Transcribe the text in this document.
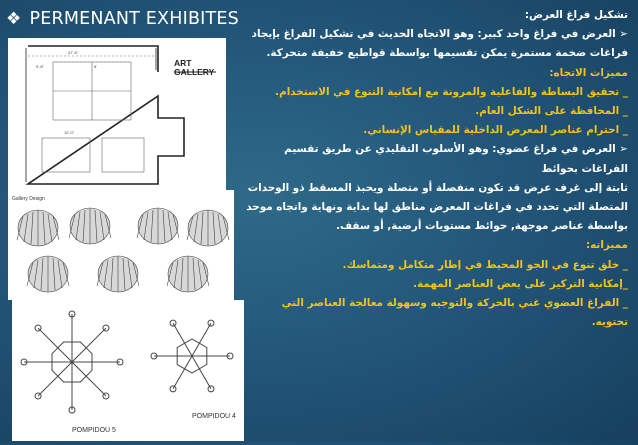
❖ PERMENANT EXHIBITES	تشكيل فراغ العرض:
➢ العرض في فراغ واحد كبير: وهو الاتجاه الحديث في تشكيل الفراغ بإيجاد
فراغات ضخمة مستمرة يمكن تقسيمها بواسطة قواطيع خفيفة متحركة.
مميزات الاتجاه:
_ تحقيق البساطة والفاعلية والمرونة مع إمكانية التنوع في الاستخدام.
_ المحافظة على الشكل العام.
_ احترام عناصر المعرض الداخلية للمقياس الإنساني.
➢ العرض في فراغ عضوي: وهو الأسلوب التقليدي عن طريق تقسيم
الفراغات بحوائط
ثابتة إلى غرف عرض قد تكون منفصلة أو متصلة ويحبذ المسقط ذو الوحدات
المتصلة التي تحدد في فراغات المعرض مناطق لها بداية ونهاية واتجاه موحد
بواسطة عناصر موجهة, حوائط مستويات أرضية, أو سقف.
مميزاته:
_ خلق تنوع في الجو المحيط في إطار متكامل ومتماسك.
_إمكانية التركيز على بعض العناصر المهمة.
_ الفراغ العضوي غني بالحركة والتوجيه وسهولة معالجة العناصر التي
تحتويه.
47'-6"
5'-8"	6'
12'-0"
ART GALLERY
Gallery Design
POMPIDOU 5
POMPIDOU 4
